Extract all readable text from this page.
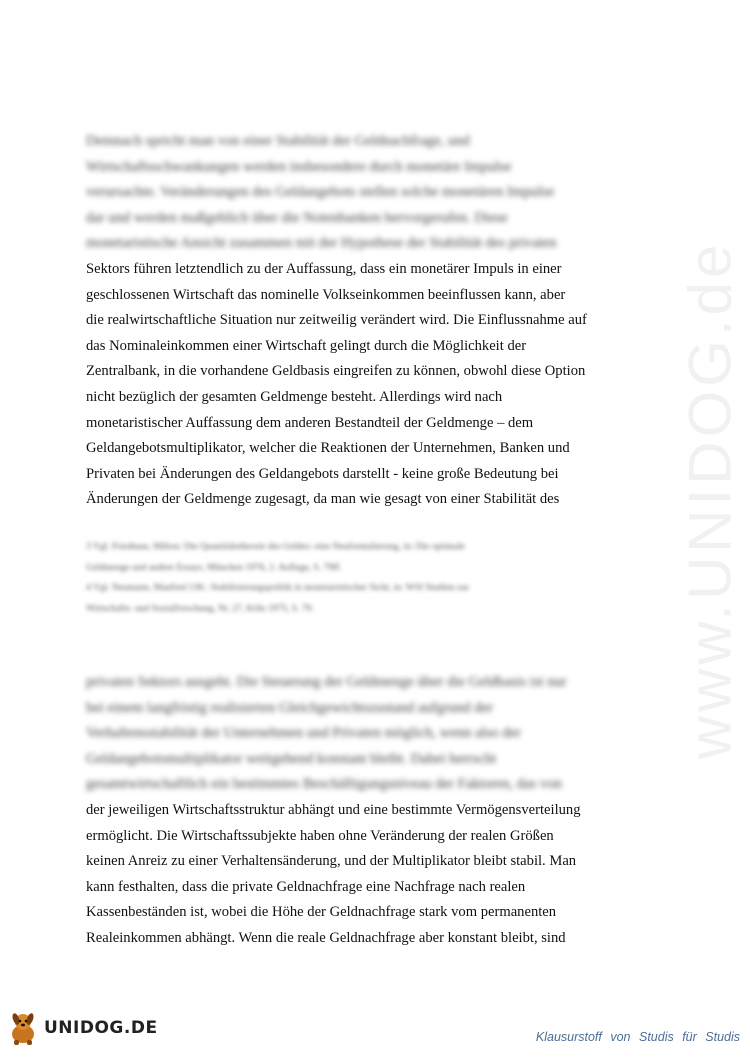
www.UNIDOG.de
Demnach spricht man von einer Stabilität der Geldnachfrage, und
Wirtschaftsschwankungen werden insbesondere durch monetäre Impulse
verursachte. Veränderungen des Geldangebots stellen solche monetären Impulse
dar und werden maßgeblich über die Notenbanken hervorgerufen. Diese
monetaristische Ansicht zusammen mit der Hypothese der Stabilität des privaten
Sektors führen letztendlich zu der Auffassung, dass ein monetärer Impuls in einer
geschlossenen Wirtschaft das nominelle Volkseinkommen beeinflussen kann, aber
die realwirtschaftliche Situation nur zeitweilig verändert wird. Die Einflussnahme auf
das Nominaleinkommen einer Wirtschaft gelingt durch die Möglichkeit der
Zentralbank, in die vorhandene Geldbasis eingreifen zu können, obwohl diese Option
nicht bezüglich der gesamten Geldmenge besteht. Allerdings wird nach
monetaristischer Auffassung dem anderen Bestandteil der Geldmenge – dem
Geldangebotsmultiplikator, welcher die Reaktionen der Unternehmen, Banken und
Privaten bei Änderungen des Geldangebots darstellt - keine große Bedeutung bei
Änderungen der Geldmenge zugesagt, da man wie gesagt von einer Stabilität des
3 Vgl. Friedman, Milton: Die Quantitätstheorie des Geldes: eine Neuformulierung, in: Die optimale
Geldmenge und andere Essays, München 1976, 2. Auflage, S. 79ff.
4 Vgl. Neumann, Manfred J.M.: Stabilisierungspolitik in monetaristischer Sicht, in: WSI Studien zur
Wirtschafts- und Sozialforschung, Nr. 27, Köln 1975, S. 79.
privaten Sektors ausgeht. Die Steuerung der Geldmenge über die Geldbasis ist nur
bei einem langfristig realisierten Gleichgewichtszustand aufgrund der
Verhaltensstabilität der Unternehmen und Privaten möglich, wenn also der
Geldangebotsmultiplikator weitgehend konstant bleibt. Dabei herrscht
gesamtwirtschaftlich ein bestimmtes Beschäftigungsniveau der Faktoren, das von
der jeweiligen Wirtschaftsstruktur abhängt und eine bestimmte Vermögensverteilung
ermöglicht. Die Wirtschaftssubjekte haben ohne Veränderung der realen Größen
keinen Anreiz zu einer Verhaltensänderung, und der Multiplikator bleibt stabil. Man
kann festhalten, dass die private Geldnachfrage eine Nachfrage nach realen
Kassenbeständen ist, wobei die Höhe der Geldnachfrage stark vom permanenten
Realeinkommen abhängt. Wenn die reale Geldnachfrage aber konstant bleibt, sind
UNIDOG.DE	Klausurstoff von Studis für Studis
